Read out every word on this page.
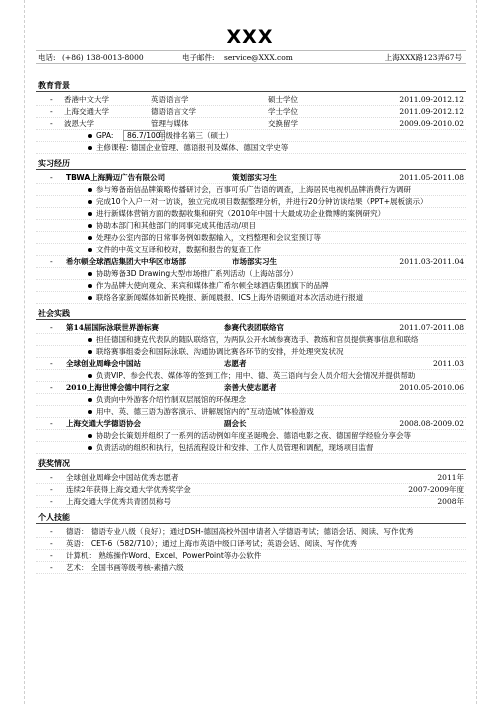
XXX
电话: (+86) 138-0013-8000	电子邮件: service@XXX.com	上海XXX路123弄67号
教育背景
- 香港中文大学	英语语言学	硕士学位	2011.09-2012.12
- 上海交通大学	德语语言文学	学士学位	2011.09-2012.12
- 波恩大学	管理与媒体	交换留学	2009.09-2010.02
GPA:	86.7/100
年级排名第三（硕士）
主修课程: 德国企业管理、德语报刊及媒体、德国文学史等
实习经历
- TBWA上海腾迈广告有限公司	策划部实习生	2011.05-2011.08
参与筹备南信品牌策略传播研讨会，百事可乐广告语的调查，上海居民电视机品牌消费行为调研
完成10个入户一对一访谈，独立完成项目数据整理分析，并进行20分钟访谈结果（PPT+展板演示）
进行新媒体营销方面的数据收集和研究（2010年中国十大最成功企业微博的案例研究）
协助本部门和其他部门的同事完成其他活动/项目
处理办公室内部的日常事务例如数据输入，文档整理和会议室预订等
文件的中英文互译和校对，数据和报告的复查工作
- 希尔顿全球酒店集团大中华区市场部	市场部实习生	2011.03-2011.04
协助筹备3D Drawing大型市场推广系列活动（上海站部分）
作为品牌大使向观众、来宾和媒体推广希尔顿全球酒店集团旗下的品牌
联络各家新闻媒体如新民晚报、新闻晨报、ICS上海外语频道对本次活动进行报道
社会实践
- 第14届国际泳联世界游标赛	参赛代表团联络官	2011.07-2011.08
担任德国和捷克代表队的随队联络官，为两队公开水域参赛选手、教练和官员提供赛事信息和联络
联络赛事组委会和国际泳联、沟通协调比赛各环节的安排，并处理突发状况
- 全球创业周峰会中国站	志愿者	2011.03
负责VIP、参会代表、媒体等的签到工作；用中、德、英三语向与会人员介绍大会情况并提供帮助
- 2010上海世博会德中同行之家	亲善大使志愿者	2010.05-2010.06
负责向中外游客介绍竹制双层展馆的环保理念
用中、英、德三语为游客演示、讲解展馆内的“互动造城”体验游戏
- 上海交通大学德语协会	副会长	2008.08-2009.02
协助会长策划并组织了一系列的活动例如年度圣诞晚会、德语电影之夜、德国留学经验分享会等
负责活动的组织和执行，包括流程设计和安排、工作人员管理和调配，现场项目监督
获奖情况
- 全球创业周峰会中国站优秀志愿者	2011年
- 连续2年获得上海交通大学优秀奖学金	2007-2009年度
- 上海交通大学优秀共青团员称号	2008年
个人技能
- 德语： 德语专业八级（良好）；通过DSH-德国高校外国申请者入学德语考试；德语会话、阅读、写作优秀
- 英语： CET-6（582/710）；通过上海市英语中级口译考试；英语会话、阅读、写作优秀
- 计算机： 熟练操作Word、Excel、PowerPoint等办公软件
- 艺术： 全国书画等级考核-素描六级
